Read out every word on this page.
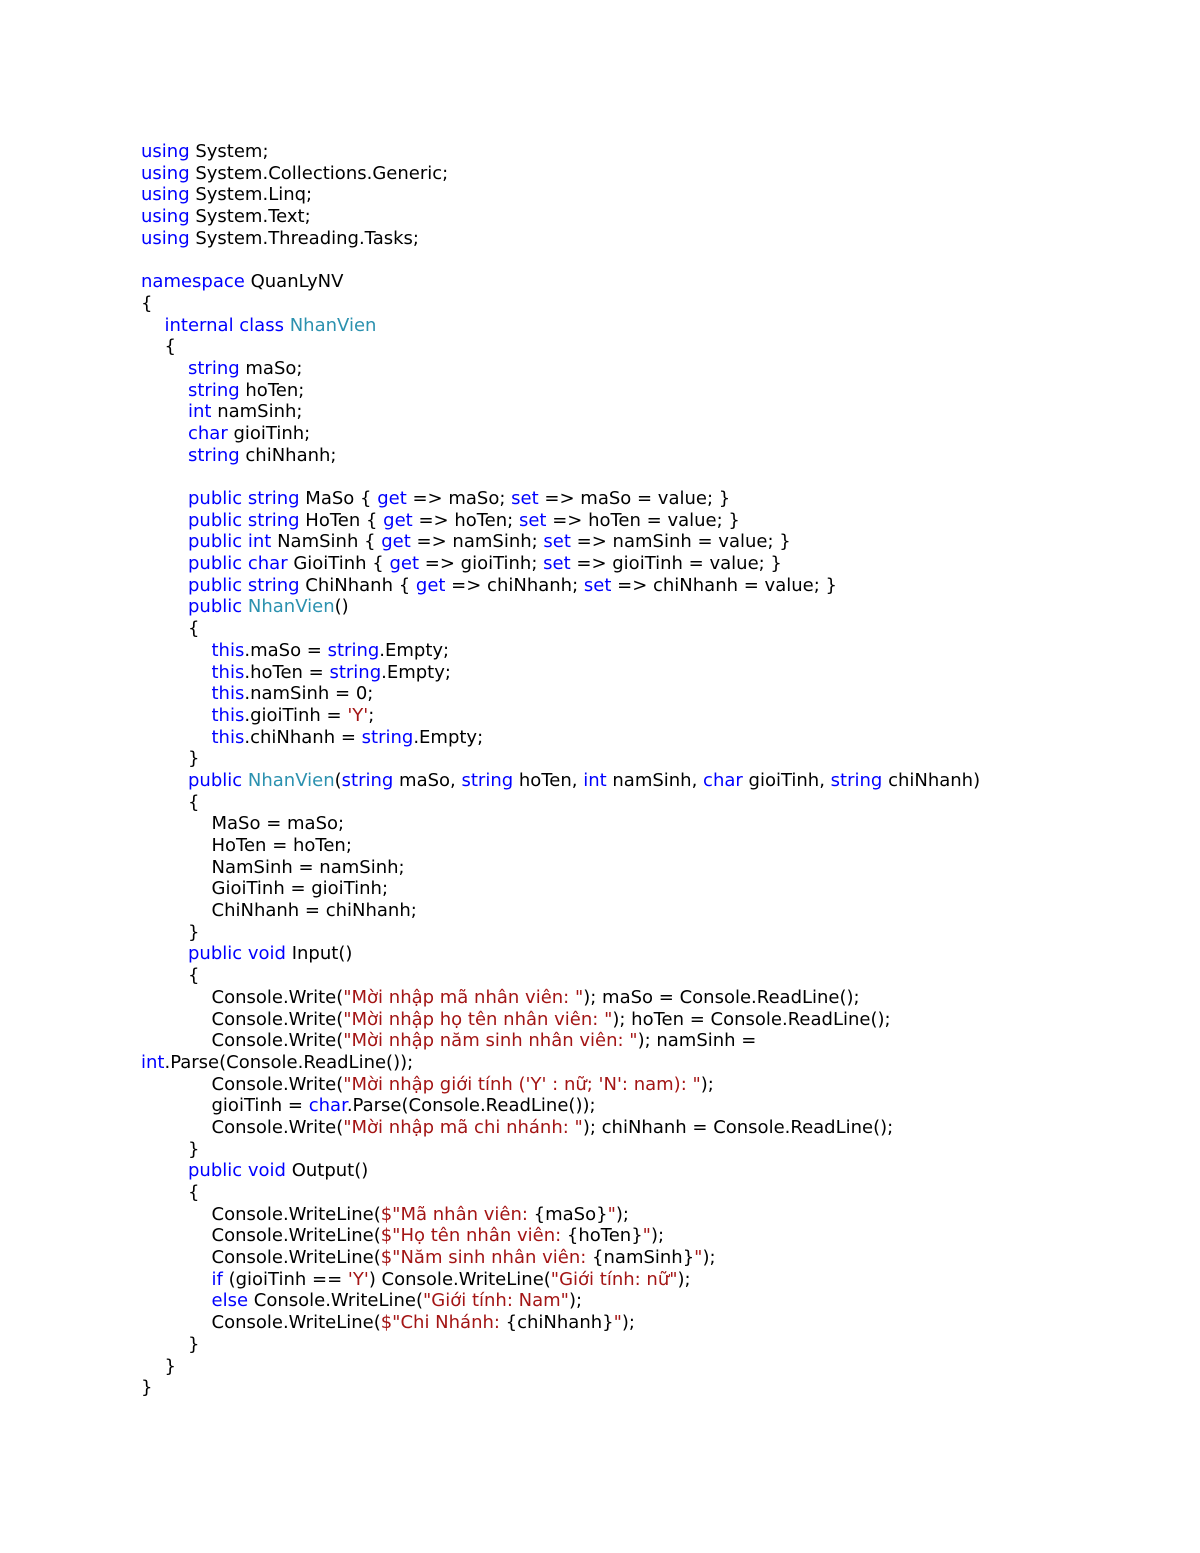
using System;
using System.Collections.Generic;
using System.Linq;
using System.Text;
using System.Threading.Tasks;
namespace QuanLyNV
{
internal class NhanVien
{
string maSo;
string hoTen;
int namSinh;
char gioiTinh;
string chiNhanh;
public string MaSo { get => maSo; set => maSo = value; }
public string HoTen { get => hoTen; set => hoTen = value; }
public int NamSinh { get => namSinh; set => namSinh = value; }
public char GioiTinh { get => gioiTinh; set => gioiTinh = value; }
public string ChiNhanh { get => chiNhanh; set => chiNhanh = value; }
public NhanVien()
{
this.maSo = string.Empty;
this.hoTen = string.Empty;
this.namSinh = 0;
this.gioiTinh = 'Y';
this.chiNhanh = string.Empty;
}
public NhanVien(string maSo, string hoTen, int namSinh, char gioiTinh, string chiNhanh)
{
MaSo = maSo;
HoTen = hoTen;
NamSinh = namSinh;
GioiTinh = gioiTinh;
ChiNhanh = chiNhanh;
}
public void Input()
{
Console.Write("Mời nhập mã nhân viên: "); maSo = Console.ReadLine();
Console.Write("Mời nhập họ tên nhân viên: "); hoTen = Console.ReadLine();
Console.Write("Mời nhập năm sinh nhân viên: "); namSinh =
int.Parse(Console.ReadLine());
Console.Write("Mời nhập giới tính ('Y' : nữ; 'N': nam): ");
gioiTinh = char.Parse(Console.ReadLine());
Console.Write("Mời nhập mã chi nhánh: "); chiNhanh = Console.ReadLine();
}
public void Output()
{
Console.WriteLine($"Mã nhân viên: {maSo}");
Console.WriteLine($"Họ tên nhân viên: {hoTen}");
Console.WriteLine($"Năm sinh nhân viên: {namSinh}");
if (gioiTinh == 'Y') Console.WriteLine("Giới tính: nữ");
else Console.WriteLine("Giới tính: Nam");
Console.WriteLine($"Chi Nhánh: {chiNhanh}");
}
}
}
